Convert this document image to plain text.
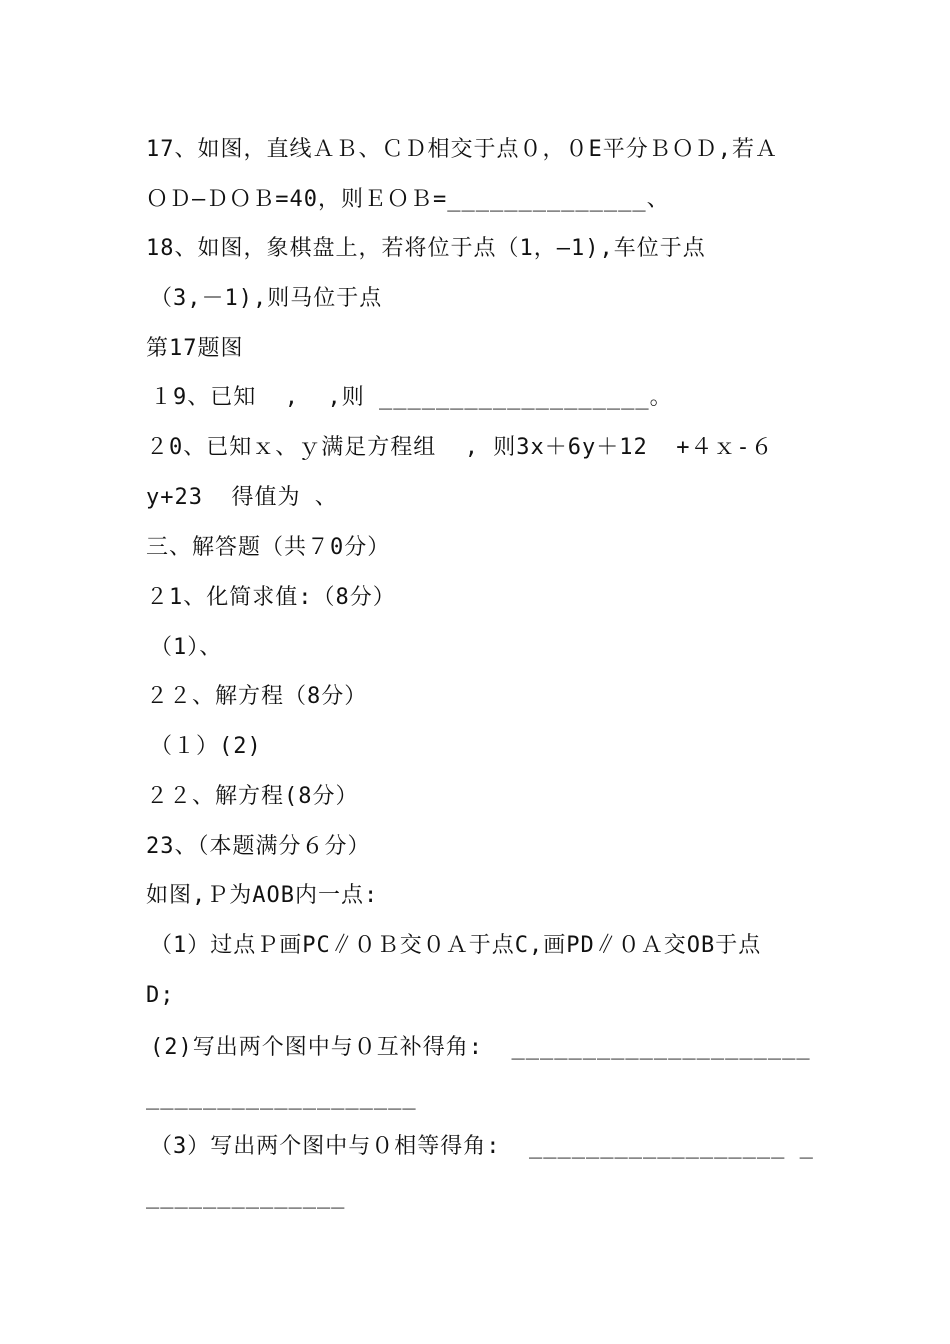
17、如图，直线ＡＢ、ＣＤ相交于点０，０E平分ＢＯＤ,若Ａ
ＯＤ—ＤＯＢ=40，则ＥＯＢ=______________、
18、如图，象棋盘上，若将位于点（1，—1),车位于点
（3,－1),则马位于点
第17题图
１9、已知  ,  ,则 ___________________。
２0、已知ｘ、ｙ满足方程组  , 则3x＋6y＋12  +４ｘ-６
y+23  得值为 、
三、解答题（共７0分）
２1、化简求值:（8分）
（1）、
２２、解方程（8分）
（１）(2)
２２、解方程(8分）
23、（本题满分６分）
如图,Ｐ为AOB内一点:
（1）过点Ｐ画PC∥０Ｂ交０Ａ于点C,画PD∥０Ａ交OB于点
D;
(2)写出两个图中与０互补得角:  _____________________
___________________
（3）写出两个图中与０相等得角:  __________________ _
______________
